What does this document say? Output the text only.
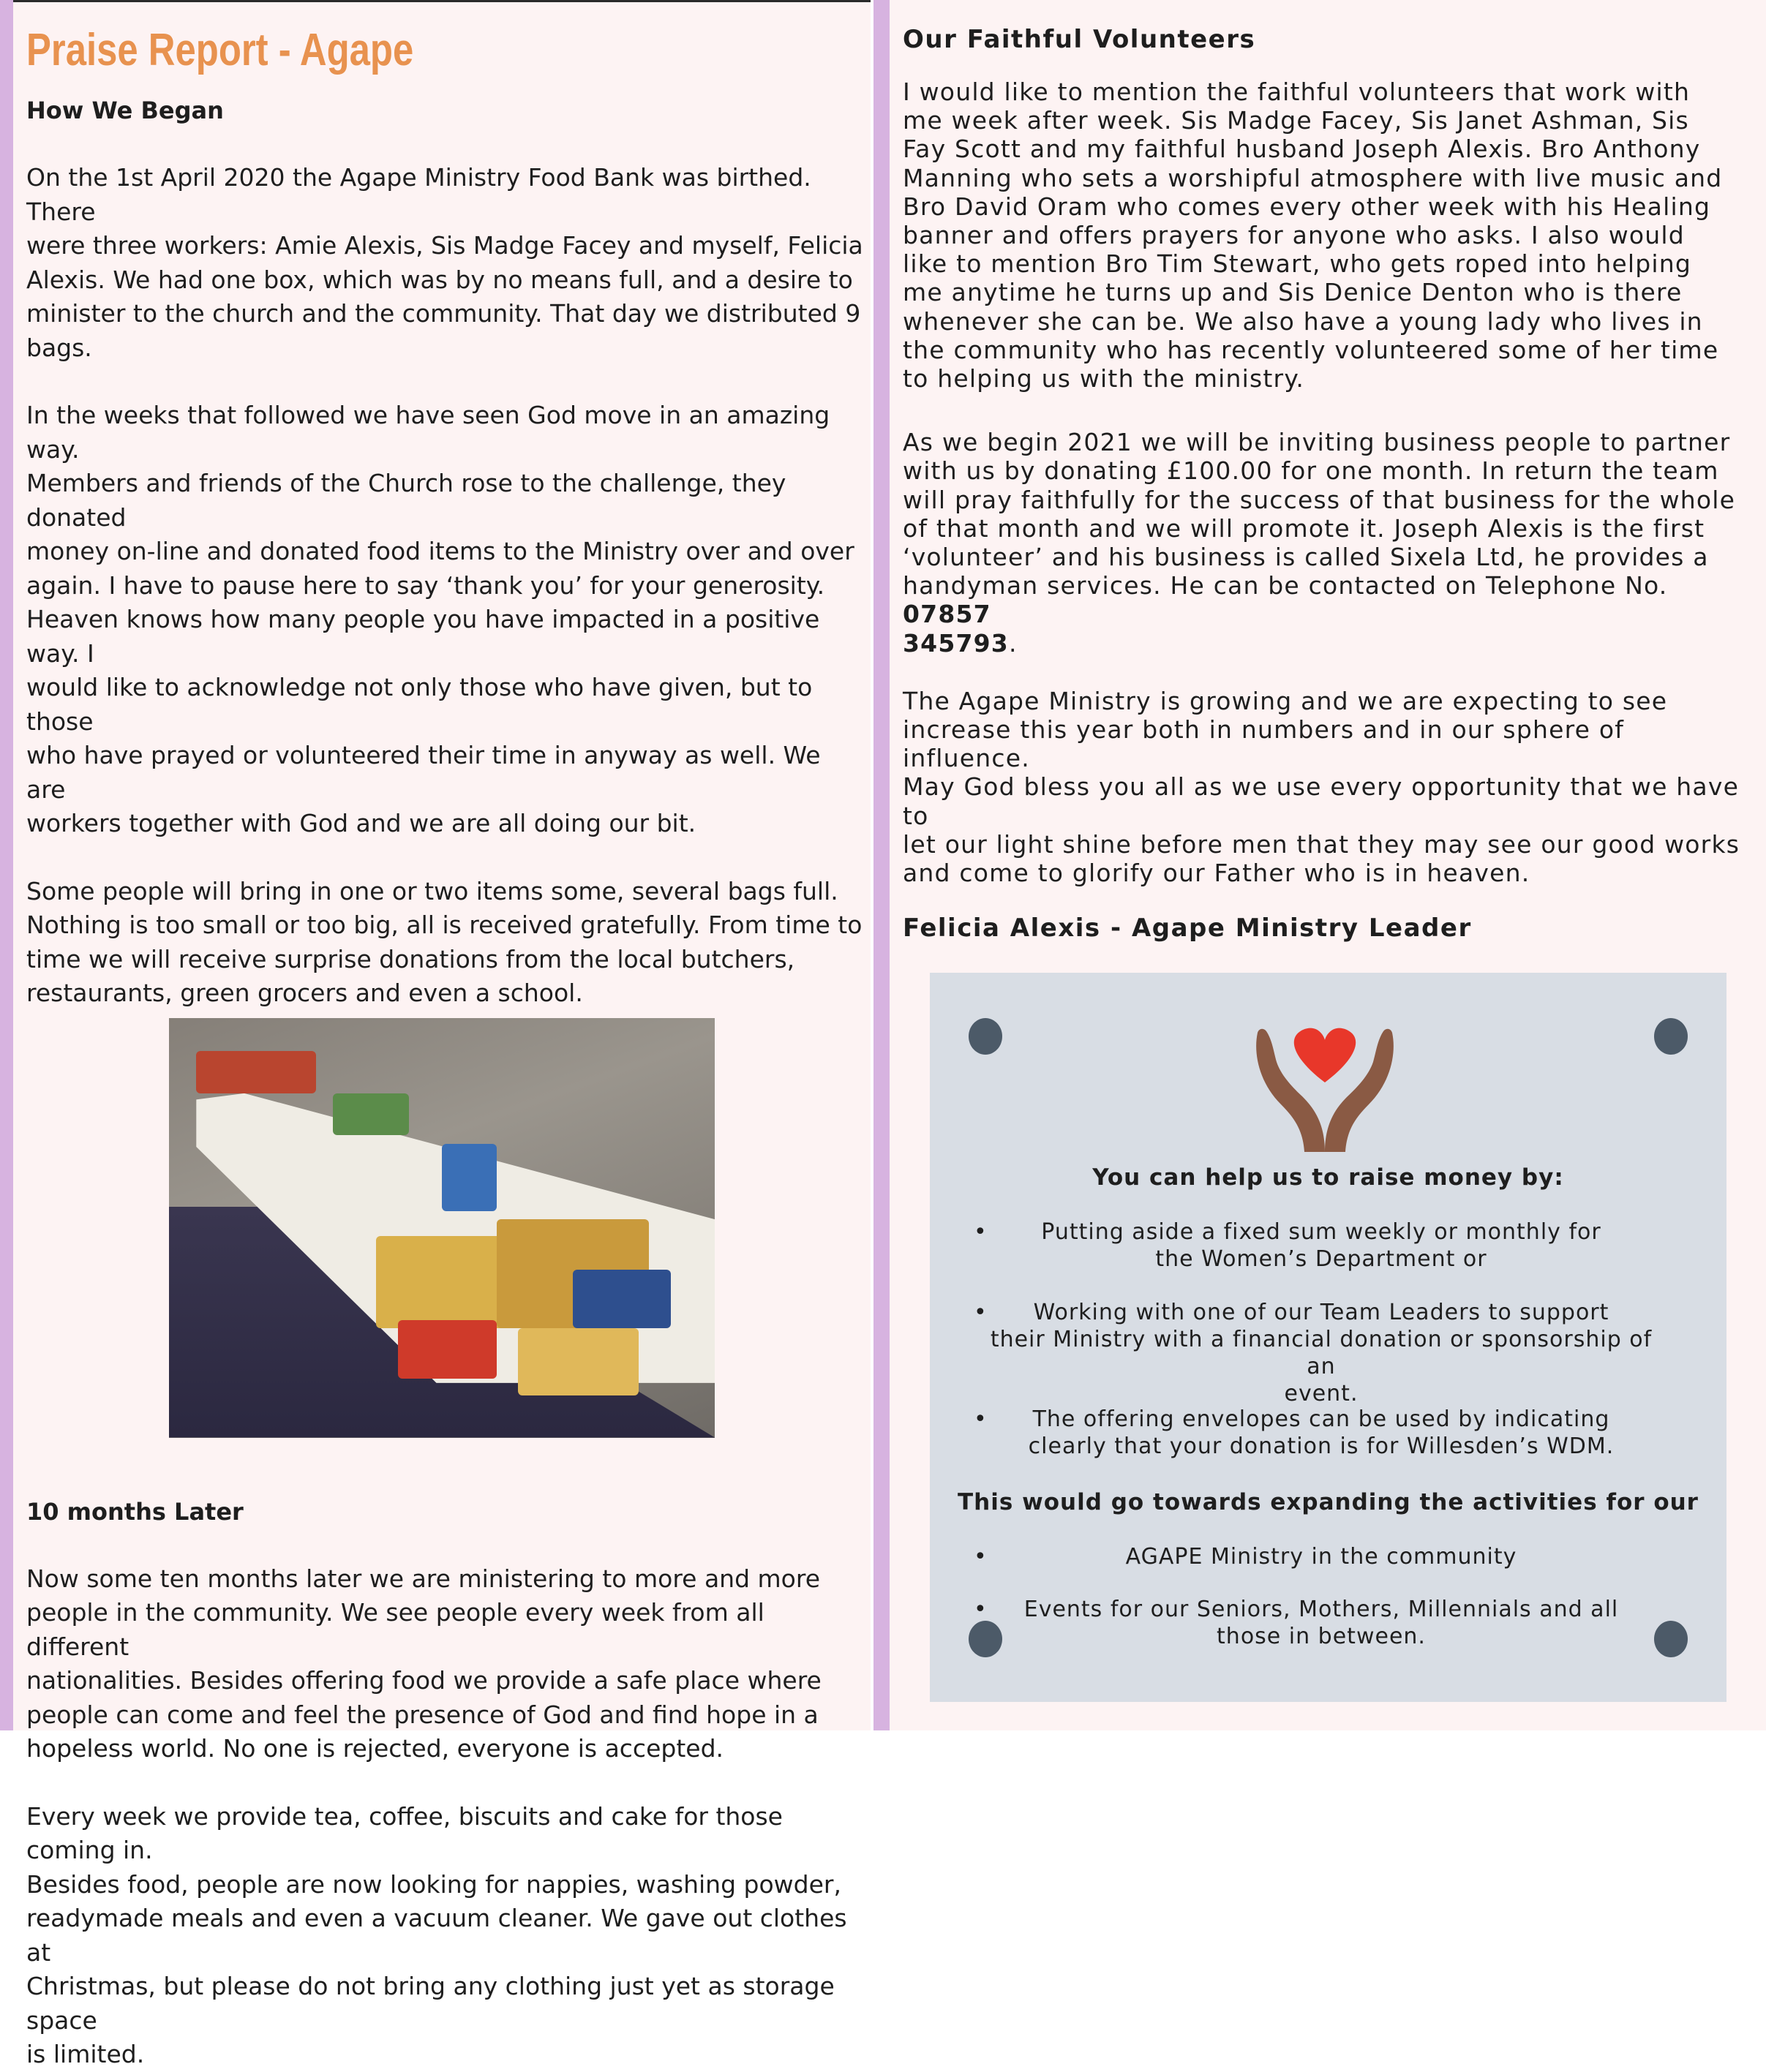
Praise Report - Agape

How We Began

On the 1st April 2020 the Agape Ministry Food Bank was birthed. There
were three workers: Amie Alexis, Sis Madge Facey and myself, Felicia
Alexis. We had one box, which was by no means full, and a desire to
minister to the church and the community. That day we distributed 9
bags.

In the weeks that followed we have seen God move in an amazing way.
Members and friends of the Church rose to the challenge, they donated
money on-line and donated food items to the Ministry over and over
again. I have to pause here to say ‘thank you’ for your generosity.
Heaven knows how many people you have impacted in a positive way. I
would like to acknowledge not only those who have given, but to those
who have prayed or volunteered their time in anyway as well. We are
workers together with God and we are all doing our bit.

Some people will bring in one or two items some, several bags full.
Nothing is too small or too big, all is received gratefully. From time to
time we will receive surprise donations from the local butchers,
restaurants, green grocers and even a school.

10 months Later

Now some ten months later we are ministering to more and more
people in the community. We see people every week from all different
nationalities. Besides offering food we provide a safe place where
people can come and feel the presence of God and find hope in a
hopeless world. No one is rejected, everyone is accepted.

Every week we provide tea, coffee, biscuits and cake for those coming in.
Besides food, people are now looking for nappies, washing powder,
readymade meals and even a vacuum cleaner. We gave out clothes at
Christmas, but please do not bring any clothing just yet as storage space
is limited.

Our Faithful Volunteers

I would like to mention the faithful volunteers that work with
me week after week. Sis Madge Facey, Sis Janet Ashman, Sis
Fay Scott and my faithful husband Joseph Alexis. Bro Anthony
Manning who sets a worshipful atmosphere with live music and
Bro David Oram who comes every other week with his Healing
banner and offers prayers for anyone who asks. I also would
like to mention Bro Tim Stewart, who gets roped into helping
me anytime he turns up and Sis Denice Denton who is there
whenever she can be. We also have a young lady who lives in
the community who has recently volunteered some of her time
to helping us with the ministry.

As we begin 2021 we will be inviting business people to partner
with us by donating £100.00 for one month. In return the team
will pray faithfully for the success of that business for the whole
of that month and we will promote it. Joseph Alexis is the first
‘volunteer’ and his business is called Sixela Ltd, he provides a
handyman services. He can be contacted on Telephone No. 07857
345793.

The Agape Ministry is growing and we are expecting to see
increase this year both in numbers and in our sphere of influence.
May God bless you all as we use every opportunity that we have to
let our light shine before men that they may see our good works
and come to glorify our Father who is in heaven.

Felicia Alexis - Agape Ministry Leader

You can help us to raise money by:
• Putting aside a fixed sum weekly or monthly for
the Women’s Department or
• Working with one of our Team Leaders to support
their Ministry with a financial donation or sponsorship of an
event.
• The offering envelopes can be used by indicating
clearly that your donation is for Willesden’s WDM.
This would go towards expanding the activities for our
•	AGAPE Ministry in the community
• Events for our Seniors, Mothers, Millennials and all
those in between.
